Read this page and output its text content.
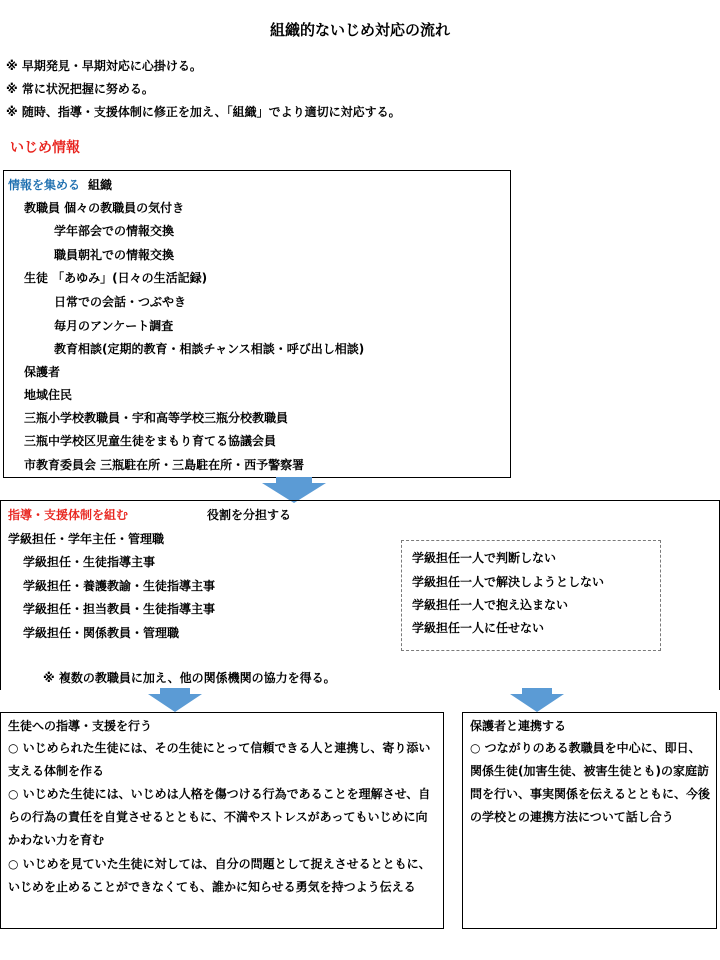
組織的ないじめ対応の流れ
※ 早期発見・早期対応に心掛ける。
※ 常に状況把握に努める。
※ 随時、指導・支援体制に修正を加え、「組織」でより適切に対応する。
いじめ情報
情報を集める 組織
教職員 個々の教職員の気付き
学年部会での情報交換
職員朝礼での情報交換
生徒 「あゆみ」(日々の生活記録)
日常での会話・つぶやき
毎月のアンケート調査
教育相談(定期的教育・相談チャンス相談・呼び出し相談)
保護者
地域住民
三瓶小学校教職員・宇和高等学校三瓶分校教職員
三瓶中学校区児童生徒をまもり育てる協議会員
市教育委員会 三瓶駐在所・三島駐在所・西予警察署
指導・支援体制を組む	役割を分担する
学級担任・学年主任・管理職
学級担任・生徒指導主事
学級担任・養護教諭・生徒指導主事
学級担任・担当教員・生徒指導主事
学級担任・関係教員・管理職
学級担任一人で判断しない
学級担任一人で解決しようとしない
学級担任一人で抱え込まない
学級担任一人に任せない
※ 複数の教職員に加え、他の関係機関の協力を得る。
生徒への指導・支援を行う
○ いじめられた生徒には、その生徒にとって信頼できる人と連携し、寄り添い支える体制を作る
○ いじめた生徒には、いじめは人格を傷つける行為であることを理解させ、自らの行為の責任を自覚させるとともに、不満やストレスがあってもいじめに向かわない力を育む
○ いじめを見ていた生徒に対しては、自分の問題として捉えさせるとともに、いじめを止めることができなくても、誰かに知らせる勇気を持つよう伝える
保護者と連携する
○ つながりのある教職員を中心に、即日、 関係生徒(加害生徒、被害生徒とも)の家庭訪問を行い、事実関係を伝えるとともに、今後の学校との連携方法について話し合う
